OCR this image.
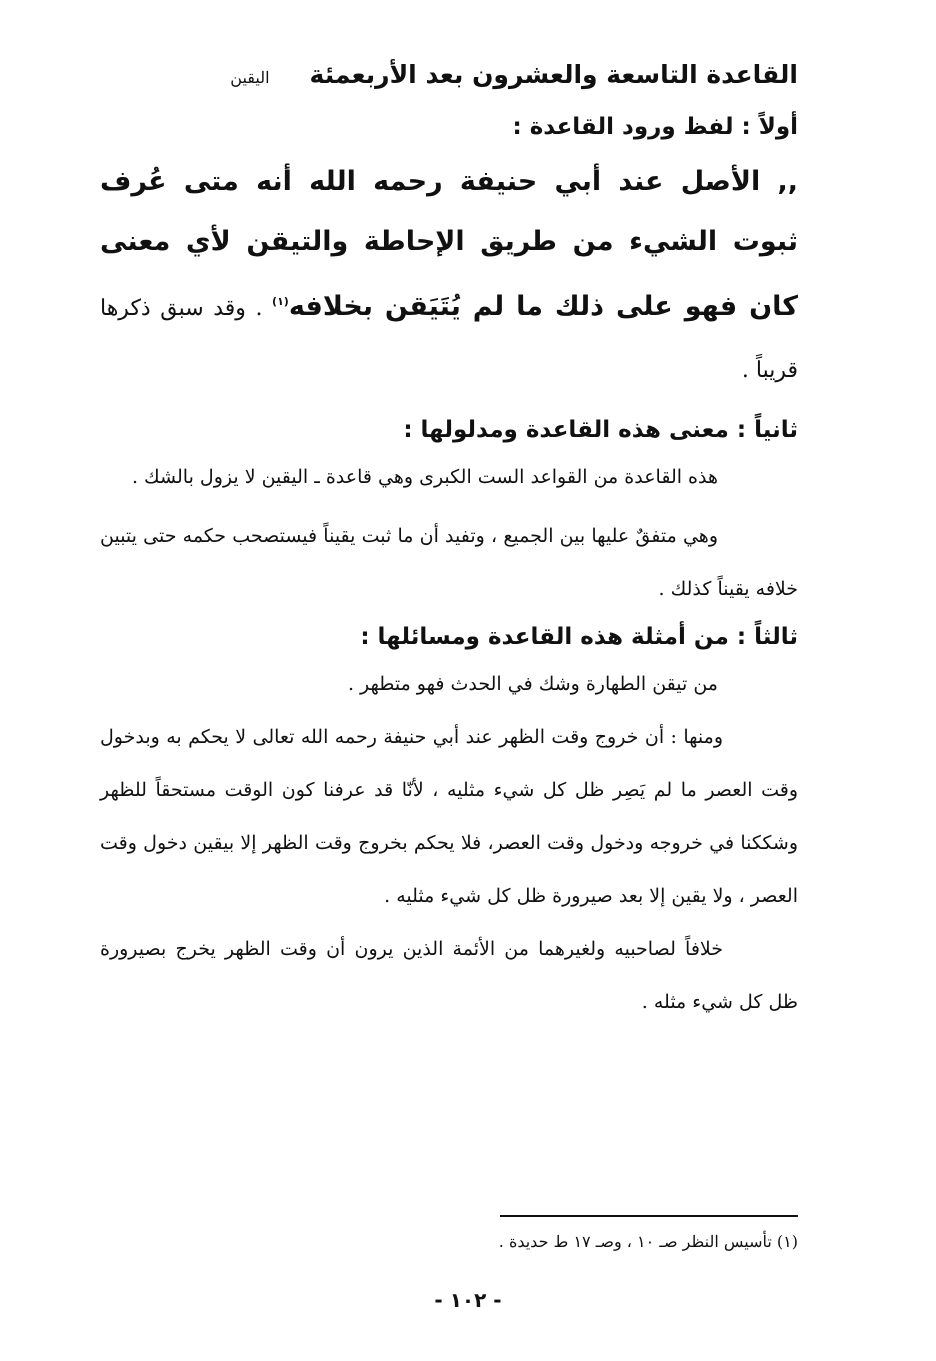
القاعدة التاسعة والعشرون بعد الأربعمئة
اليقين
أولاً : لفظ ورود القاعدة :
,, الأصل عند أبي حنيفة رحمه الله أنه متى عُرف ثبوت الشيء من طريق الإحاطة والتيقن لأي معنى كان فهو على ذلك ما لم يُتَيَقن بخلافه$^{(١)}$ . وقد سبق ذكرها قريباً .
ثانياً : معنى هذه القاعدة ومدلولها :

هذه القاعدة من القواعد الست الكبرى وهي قاعدة ـ اليقين لا يزول بالشك .

وهي متفقٌ عليها بين الجميع ، وتفيد أن ما ثبت يقيناً فيستصحب حكمه حتى يتبين خلافه يقيناً كذلك .

ثالثاً : من أمثلة هذه القاعدة ومسائلها :

من تيقن الطهارة وشك في الحدث فهو متطهر .

ومنها : أن خروج وقت الظهر عند أبي حنيفة رحمه الله تعالى لا يحكم به وبدخول وقت العصر ما لم يَصِر ظل كل شيء مثليه ، لأنّا قد عرفنا كون الوقت مستحقاً للظهر وشككنا في خروجه ودخول وقت العصر، فلا يحكم بخروج وقت الظهر إلا بيقين دخول وقت العصر ، ولا يقين إلا بعد صيرورة ظل كل شيء مثليه .

خلافاً لصاحبيه ولغيرهما من الأئمة الذين يرون أن وقت الظهر يخرج بصيرورة ظل كل شيء مثله .

(١) تأسيس النظر صـ ١٠ ، وصـ ١٧ ط حديدة .
- ١٠٢ -
